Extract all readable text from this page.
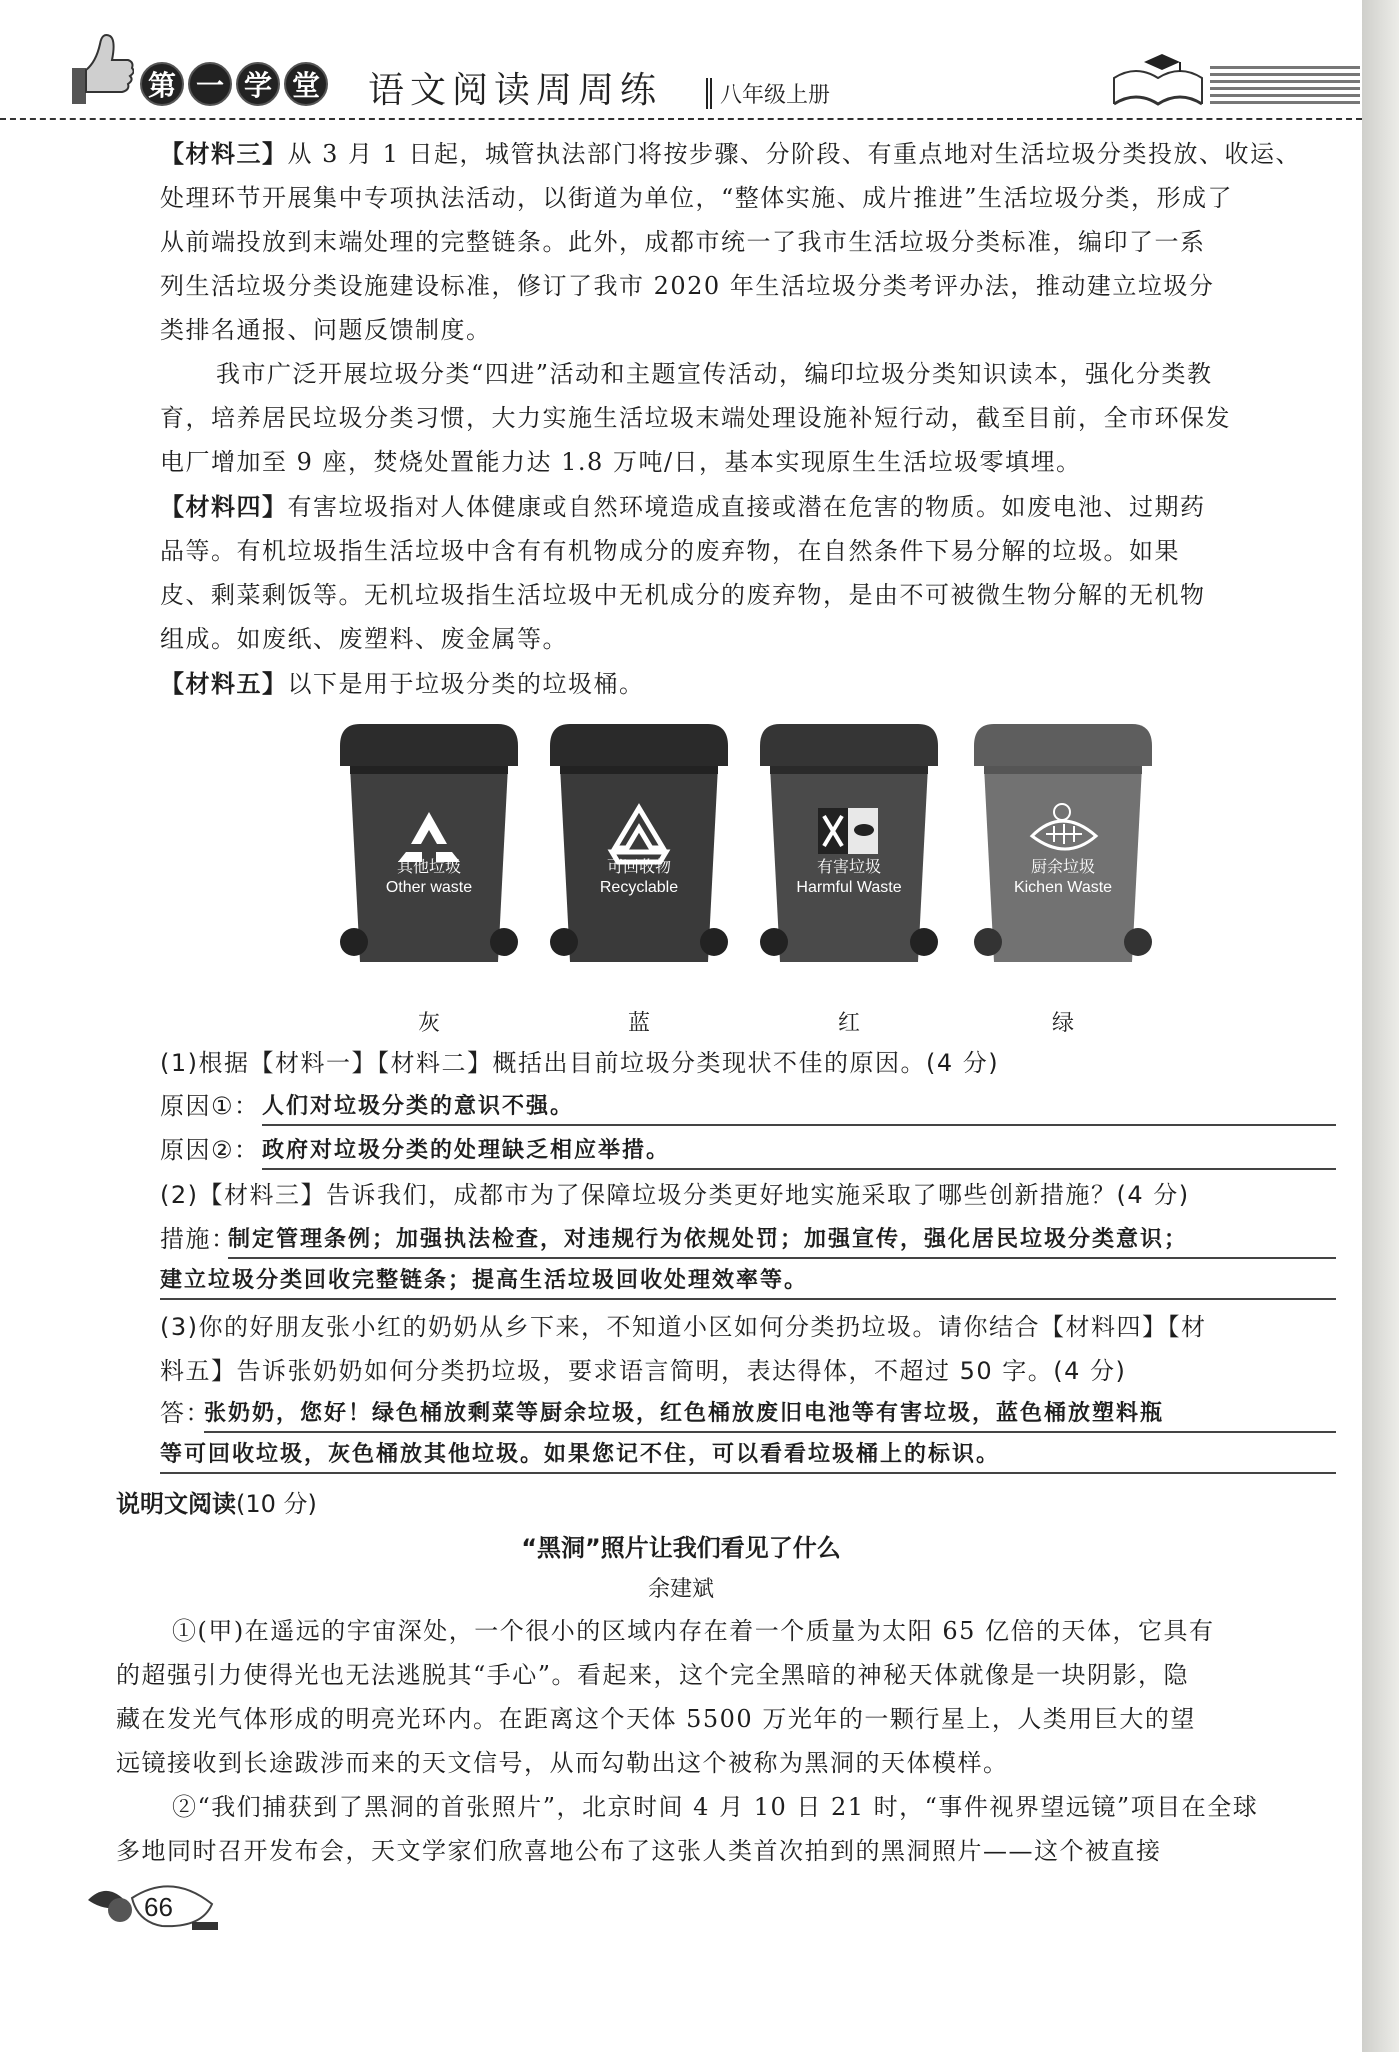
第 一 学 堂 语文阅读周周练	八年级上册
【材料三】从 3 月 1 日起，城管执法部门将按步骤、分阶段、有重点地对生活垃圾分类投放、收运、
处理环节开展集中专项执法活动，以街道为单位，“整体实施、成片推进”生活垃圾分类，形成了
从前端投放到末端处理的完整链条。此外，成都市统一了我市生活垃圾分类标准，编印了一系
列生活垃圾分类设施建设标准，修订了我市 2020 年生活垃圾分类考评办法，推动建立垃圾分
类排名通报、问题反馈制度。
我市广泛开展垃圾分类“四进”活动和主题宣传活动，编印垃圾分类知识读本，强化分类教
育，培养居民垃圾分类习惯，大力实施生活垃圾末端处理设施补短行动，截至目前，全市环保发
电厂增加至 9 座，焚烧处置能力达 1.8 万吨/日，基本实现原生生活垃圾零填埋。
【材料四】有害垃圾指对人体健康或自然环境造成直接或潜在危害的物质。如废电池、过期药
品等。有机垃圾指生活垃圾中含有有机物成分的废弃物，在自然条件下易分解的垃圾。如果
皮、剩菜剩饭等。无机垃圾指生活垃圾中无机成分的废弃物，是由不可被微生物分解的无机物
组成。如废纸、废塑料、废金属等。
【材料五】以下是用于垃圾分类的垃圾桶。
其他垃圾
Other waste
可回收物
Recyclable
有害垃圾
Harmful Waste
厨余垃圾
Kichen Waste
灰	蓝	红	绿
(1)根据【材料一】【材料二】概括出目前垃圾分类现状不佳的原因。(4 分)
原因①： 人们对垃圾分类的意识不强。
原因②： 政府对垃圾分类的处理缺乏相应举措。
(2)【材料三】告诉我们，成都市为了保障垃圾分类更好地实施采取了哪些创新措施？(4 分)
措施：
制定管理条例；加强执法检查，对违规行为依规处罚；加强宣传，强化居民垃圾分类意识；
建立垃圾分类回收完整链条；提高生活垃圾回收处理效率等。
(3)你的好朋友张小红的奶奶从乡下来，不知道小区如何分类扔垃圾。请你结合【材料四】【材
料五】告诉张奶奶如何分类扔垃圾，要求语言简明，表达得体，不超过 50 字。(4 分)
答：
张奶奶，您好！绿色桶放剩菜等厨余垃圾，红色桶放废旧电池等有害垃圾，蓝色桶放塑料瓶
等可回收垃圾，灰色桶放其他垃圾。如果您记不住，可以看看垃圾桶上的标识。
说明文阅读(10 分)
“黑洞”照片让我们看见了什么
余建斌
①(甲)在遥远的宇宙深处，一个很小的区域内存在着一个质量为太阳 65 亿倍的天体，它具有
的超强引力使得光也无法逃脱其“手心”。看起来，这个完全黑暗的神秘天体就像是一块阴影，隐
藏在发光气体形成的明亮光环内。在距离这个天体 5500 万光年的一颗行星上，人类用巨大的望
远镜接收到长途跋涉而来的天文信号，从而勾勒出这个被称为黑洞的天体模样。
②“我们捕获到了黑洞的首张照片”，北京时间 4 月 10 日 21 时，“事件视界望远镜”项目在全球
多地同时召开发布会，天文学家们欣喜地公布了这张人类首次拍到的黑洞照片——这个被直接
66
